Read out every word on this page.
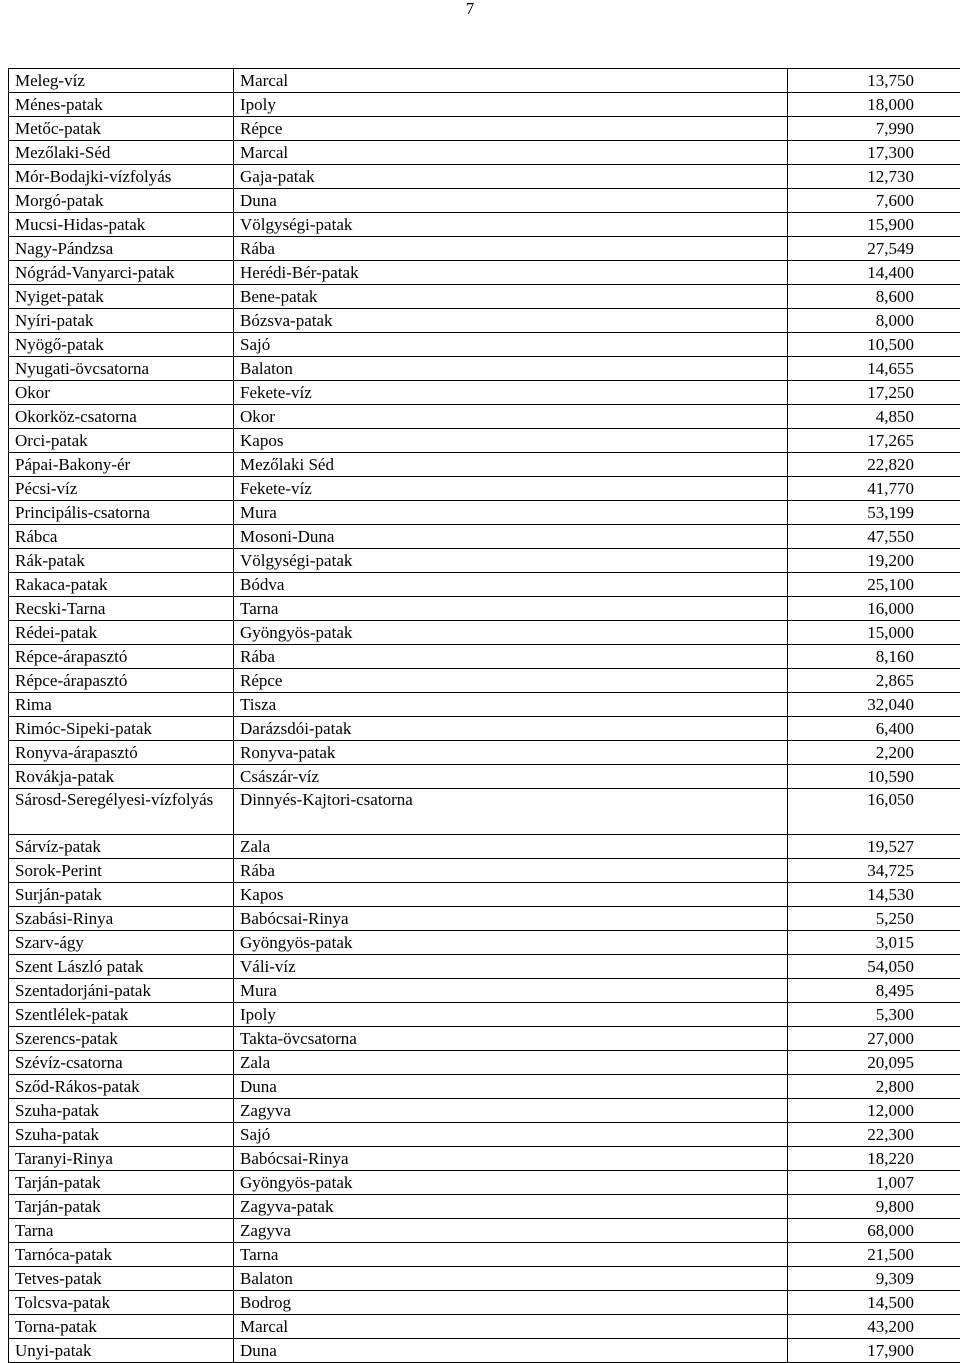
7
Meleg-víz	Marcal	13,750
Ménes-patak	Ipoly	18,000
Metőc-patak	Répce	7,990
Mezőlaki-Séd	Marcal	17,300
Mór-Bodajki-vízfolyás	Gaja-patak	12,730
Morgó-patak	Duna	7,600
Mucsi-Hidas-patak	Völgységi-patak	15,900
Nagy-Pándzsa	Rába	27,549
Nógrád-Vanyarci-patak	Herédi-Bér-patak	14,400
Nyiget-patak	Bene-patak	8,600
Nyíri-patak	Bózsva-patak	8,000
Nyögő-patak	Sajó	10,500
Nyugati-övcsatorna	Balaton	14,655
Okor	Fekete-víz	17,250
Okorköz-csatorna	Okor	4,850
Orci-patak	Kapos	17,265
Pápai-Bakony-ér	Mezőlaki Séd	22,820
Pécsi-víz	Fekete-víz	41,770
Principális-csatorna	Mura	53,199
Rábca	Mosoni-Duna	47,550
Rák-patak	Völgységi-patak	19,200
Rakaca-patak	Bódva	25,100
Recski-Tarna	Tarna	16,000
Rédei-patak	Gyöngyös-patak	15,000
Répce-árapasztó	Rába	8,160
Répce-árapasztó	Répce	2,865
Rima	Tisza	32,040
Rimóc-Sipeki-patak	Darázsdói-patak	6,400
Ronyva-árapasztó	Ronyva-patak	2,200
Rovákja-patak	Császár-víz	10,590
Sárosd-Seregélyesi-vízfolyás	Dinnyés-Kajtori-csatorna	16,050
Sárvíz-patak	Zala	19,527
Sorok-Perint	Rába	34,725
Surján-patak	Kapos	14,530
Szabási-Rinya	Babócsai-Rinya	5,250
Szarv-ágy	Gyöngyös-patak	3,015
Szent László patak	Váli-víz	54,050
Szentadorjáni-patak	Mura	8,495
Szentlélek-patak	Ipoly	5,300
Szerencs-patak	Takta-övcsatorna	27,000
Szévíz-csatorna	Zala	20,095
Sződ-Rákos-patak	Duna	2,800
Szuha-patak	Zagyva	12,000
Szuha-patak	Sajó	22,300
Taranyi-Rinya	Babócsai-Rinya	18,220
Tarján-patak	Gyöngyös-patak	1,007
Tarján-patak	Zagyva-patak	9,800
Tarna	Zagyva	68,000
Tarnóca-patak	Tarna	21,500
Tetves-patak	Balaton	9,309
Tolcsva-patak	Bodrog	14,500
Torna-patak	Marcal	43,200
Unyi-patak	Duna	17,900
